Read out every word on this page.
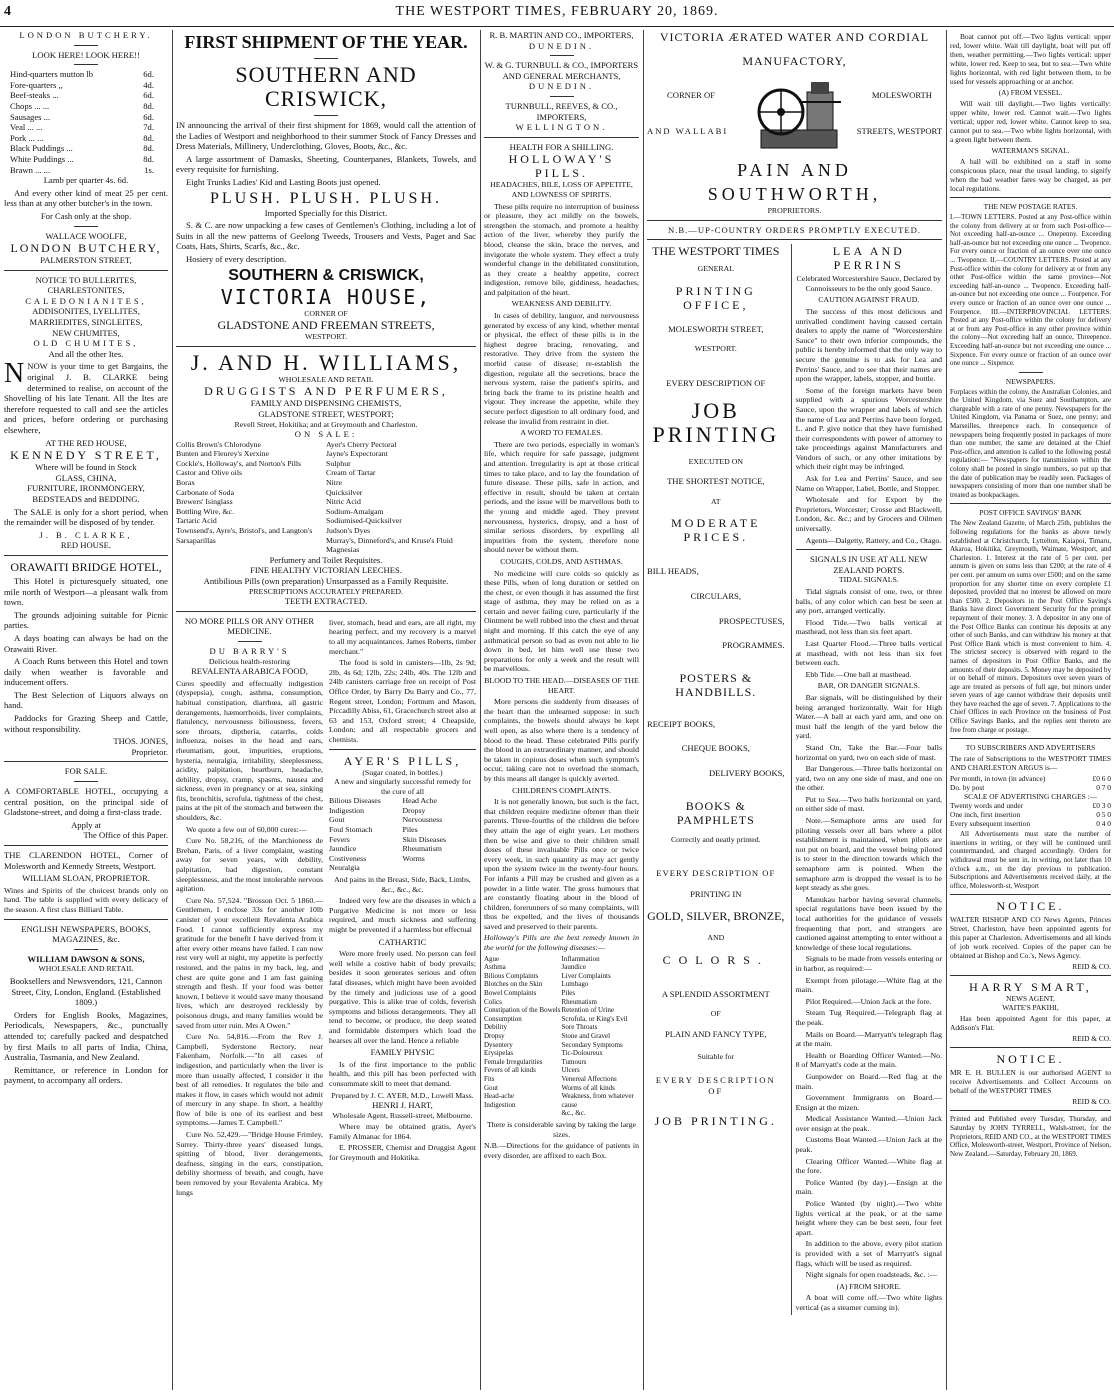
4	THE WESTPORT TIMES, FEBRUARY 20, 1869.
LONDON BUTCHERY.
LOOK HERE! LOOK HERE!!
Hind-quarters mutton lb	6d.
Fore-quarters ,,	4d.
Beef-steaks ...	6d.
Chops ... ...	8d.
Sausages ...	6d.
Veal ... ...	7d.
Pork ... ...	8d.
Black Puddings ...	8d.
White Puddings ...	8d.
Brawn ... ...	1s.
Lamb per quarter 4s. 6d.

And every other kind of meat 25 per cent. less than at any other butcher's in the town.

For Cash only at the shop.

WALLACE WOOLFE,
LONDON BUTCHERY,
PALMERSTON STREET,
NOTICE TO BULLERITES,
CHARLESTONITES,
CALEDONIANITES,
ADDISONITES, LYELLITES,
MARRIEDITES, SINGLEITES,
NEW CHUMITES,
OLD CHUMITES,
And all the other Ites.

NNOW is your time to get Bargains, the original J. B. CLARKE being determined to realise, on account of the Shovelling of his late Tenant. All the Ites are therefore requested to call and see the articles and prices, before ordering or purchasing elsewhere,

AT THE RED HOUSE,
KENNEDY STREET,
Where will be found in Stock
GLASS, CHINA,
FURNITURE, IRONMONGERY,
BEDSTEADS and BEDDING.

The SALE is only for a short period, when the remainder will be disposed of by tender.

J. B. CLARKE,
RED HOUSE.
ORAWAITI BRIDGE HOTEL,

This Hotel is picturesquely situated, one mile north of Westport—a pleasant walk from town.

The grounds adjoining suitable for Picnic parties.

A days boating can always be had on the Orawaiti River.

A Coach Runs between this Hotel and town daily when weather is favorable and inducement offers.

The Best Selection of Liquors always on hand.

Paddocks for Grazing Sheep and Cattle, without responsibility.

THOS. JONES,
Proprietor.
FOR SALE.

A COMFORTABLE HOTEL, occupying a central position, on the principal side of Gladstone-street, and doing a first-class trade.

Apply at
The Office of this Paper.

THE CLARENDON HOTEL, Corner of Molesworth and Kennedy Streets, Westport.

WILLIAM SLOAN, PROPRIETOR.

Wines and Spirits of the choicest brands only on hand. The table is supplied with every delicacy of the season. A first class Billiard Table.

ENGLISH NEWSPAPERS, BOOKS, MAGAZINES, &c.
WILLIAM DAWSON & SONS,
WHOLESALE AND RETAIL

Booksellers and Newsvendors, 121, Cannon Street, City, London, England. (Established 1809.)

Orders for English Books, Magazines, Periodicals, Newspapers, &c., punctually attended to; carefully packed and despatched by first Mails to all parts of India, China, Australia, Tasmania, and New Zealand.

Remittance, or reference in London for payment, to accompany all orders.

FIRST SHIPMENT OF THE YEAR.
SOUTHERN AND CRISWICK,

IN announcing the arrival of their first shipment for 1869, would call the attention of the Ladies of Westport and neighborhood to their summer Stock of Fancy Dresses and Dress Materials, Millinery, Underclothing, Gloves, Boots, &c., &c.

A large assortment of Damasks, Sheeting, Counterpanes, Blankets, Towels, and every requisite for furnishing.

Eight Trunks Ladies' Kid and Lasting Boots just opened.

PLUSH. PLUSH. PLUSH.
Imported Specially for this District.

S. & C. are now unpacking a few cases of Gentlemen's Clothing, including a lot of Suits in all the new patterns of Geelong Tweeds, Trousers and Vests, Paget and Sac Coats, Hats, Shirts, Scarfs, &c., &c.

Hosiery of every description.

SOUTHERN & CRISWICK,
VICTORIA HOUSE,
CORNER OF
GLADSTONE AND FREEMAN STREETS,
WESTPORT.
J. AND H. WILLIAMS,
WHOLESALE AND RETAIL
DRUGGISTS AND PERFUMERS,
FAMILY AND DISPENSING CHEMISTS,
GLADSTONE STREET, WESTPORT;
Revell Street, Hokitika; and at Greymouth and Charleston.
ON SALE:
Collis Brown's Chlorodyne
Bunten and Fleurey's Xerxine
Cockle's, Holloway's, and Norton's Pills
Castor and Olive oils
Borax
Carbonate of Soda
Brewers' Isinglass
Bottling Wire, &c.
Tartaric Acid
Townsend's, Ayre's, Bristol's, and Langton's Sarsaparillas
Ayer's Cherry Pectoral
Jayne's Expectorant
Sulphur
Cream of Tartar
Nitre
Quicksilver
Nitric Acid
Sodium-Amalgam
Sodiumised-Quicksilver
Judson's Dyes
Murray's, Dinneford's, and Kruse's Fluid Magnesias
Perfumery and Toilet Requisites.
FINE HEALTHY VICTORIAN LEECHES.
Antibilious Pills (own preparation) Unsurpassed as a Family Requisite.
PRESCRIPTIONS ACCURATELY PREPARED.
TEETH EXTRACTED.
NO MORE PILLS OR ANY OTHER MEDICINE.
DU BARRY'S
Delicious health-restoring
REVALENTA ARABICA FOOD,

Cures speedily and effectually indigestion (dyspepsia), cough, asthma, consumption, habitual constipation, diarrhœa, all gastric derangements, hæmorrhoids, liver complaints, flatulency, nervousness biliousness, fevers, sore throats, diptheria, catarrhs, colds influenza, noises in the head and ears, rheumatism, gout, impurities, eruptions, hysteria, neuralgia, irritability, sleeplessness, acidity, palpitation, heartburn, headache, debility, dropsy, cramp, spasms, nausea and sickness, even in pregnancy or at sea, sinking fits, bronchitis, scrofula, tightness of the chest, pains at the pit of the stomach and between the shoulders, &c.

We quote a few out of 60,000 cures:—

Cure No. 58,216, of the Marchioness de Brehan, Paris, of a liver complaint, wasting away for seven years, with debility, palpitation, bad digestion, constant sleeplessness, and the most intolerable nervous agitation.

Cure No. 57,524. "Brosson Oct. 5 1860.—Gentlemen, I enclose 33s for another 10lb canister of your excellent Revalenta Arabica Food. I cannot sufficiently express my gratitude for the benefit I have derived from it after every other means have failed. I can now rest very well at night, my appetite is perfectly restored, and the pains in my back, leg, and chest are quite gone and I am fast gaining strength and flesh. If your food was better known, I believe it would save many thousand lives, which are destroyed recklessly by poisonous drugs, and many families would be saved from utter ruin. Mrs A Owen."

Cure No. 54,816.—From the Rev J. Campbell, Syderstone Rectory, near Fakenham, Norfolk.—"In all cases of indigestion, and particularly when the liver is more than usually affected, I consider it the best of all remedies. It regulates the bile and makes it flow, in cases which would not admit of mercury in any shape. In short, a healthy flow of bile is one of its earliest and best symptoms.—James T. Campbell."

Cure No. 52,429.—"Bridge House Frimley, Surrey. Thirty-three years' diseased lungs, spitting of blood, liver derangements, deafness, singing in the ears, constipation, debility shortness of breath, and cough, have been removed by your Revalenta Arabica. My lungs

liver, stomach, head and ears, are all right, my hearing perfect, and my recovery is a marvel to all my acquaintances. James Roberts, timber merchant."

The food is sold in canisters—1lb, 2s 9d; 2lb, 4s 6d; 12lb, 22s; 24lb, 40s. The 12lb and 24lb canisters carriage free on receipt of Post Office Order, by Barry Du Barry and Co., 77, Regent street, London; Fortnum and Mason, Piccadilly Abiss, 61, Gracechurch street also at 63 and 153, Oxford street; 4 Cheapside, London; and all respectable grocers and chemists.

AYER'S PILLS,
(Sugar coated, in bottles.)
A new and singularly successful remedy for the cure of all
Bilious Diseases
Indigestion
Gout
Foul Stomach
Fevers
Jaundice
Costiveness
Neuralgia
Head Ache
Dropsy
Nervousness
Piles
Skin Diseases
Rheumatism
Worms

And pains in the Breast, Side, Back, Limbs, &c., &c., &c.

Indeed very few are the diseases in which a Purgative Medicine is not more or less required, and much sickness and suffering might be prevented if a harmless but effectual

CATHARTIC

Were more freely used. No person can feel well while a costive habit of body prevails; besides it soon generates serious and often fatal diseases, which might have been avoided by the timely and judicious use of a good purgative. This is alike true of colds, feverish symptoms and bilious derangements. They all tend to become, or produce, the deep seated and formidable distempers which load the hearses all over the land. Hence a reliable

FAMILY PHYSIC

Is of the first importance to the public health, and this pill has been perfected with consummate skill to meet that demand.

Prepared by J. C. AYER, M.D., Lowell Mass.
HENRI J. HART,
Wholesale Agent, Russell-street, Melbourne.

Where may be obtained gratis, Ayer's Family Almanac for 1864.

E. PROSSER, Chemist and Druggist Agent for Greymouth and Hokitika.

R. B. MARTIN AND CO., IMPORTERS,
DUNEDIN.
W. & G. TURNBULL & CO., IMPORTERS AND GENERAL MERCHANTS,
DUNEDIN.
TURNBULL, REEVES, & CO., IMPORTERS,
WELLINGTON.
HEALTH FOR A SHILLING.
HOLLOWAY'S PILLS.
HEADACHES, BILE, LOSS OF APPETITE, AND LOWNESS OF SPIRITS.

These pills require no interruption of business or pleasure, they act mildly on the bowels, strengthen the stomach, and promote a healthy action of the liver, whereby they purify the blood, cleanse the skin, brace the nerves, and invigorate the whole system. They effect a truly wonderful change in the debilitated constitution, as they create a healthy appetite, correct indigestion, remove bile, giddiness, headaches, and palpitation of the heart.

WEAKNESS AND DEBILITY.

In cases of debility, languor, and nervousness generated by excess of any kind, whether mental or physical, the effect of these pills is in the highest degree bracing, renovating, and restorative. They drive from the system the morbid cause of disease; re-establish the digestion, regulate all the secretions, brace the nervous system, raise the patient's spirits, and bring back the frame to its pristine health and vigour. They increase the appetite, while they secure perfect digestion to all ordinary food, and release the invalid from restraint in diet.

A WORD TO FEMALES.

There are two periods, especially in woman's life, which require for safe passage, judgment and attention. Irregularity is apt at those critical times to take place, and to lay the foundation of future disease. These pills, safe in action, and effective in result, should be taken at certain periods, and the issue will be marvellous both to the young and middle aged. They prevent nervousness, hysterics, dropsy, and a host of similar serious disorders, by expelling all impurities from the system, therefore none should never be without them.

COUGHS, COLDS, AND ASTHMAS.

No medicine will cure colds so quickly as these Pills, when of long duration or settled on the chest, or even though it has assumed the first stage of asthma, they may be relied on as a certain and never failing cure, particularly if the Ointment be well rubbed into the chest and throat night and morning. If this catch the eye of any asthmatical person so bad as even not able to lie down in bed, let him well use these two preparations for only a week and the result will be marvellous.

BLOOD TO THE HEAD.—DISEASES OF THE HEART.

More persons die suddenly from diseases of the heart than the unlearned suppose: in such complaints, the bowels should always be kept well open, as also where there is a tendency of blood to the head. These celebrated Pills purify the blood in an extraordinary manner, and should be taken in copious doses when such symptom's occur, taking care not to overload the stomach, by this means all danger is quickly averted.

CHILDREN'S COMPLAINTS.

It is not generally known, but such is the fact, that children require medicine oftener than their parents. Three-fourths of the children die before they attain the age of eight years. Let mothers then be wise and give to their children small doses of these invaluable Pills once or twice every week, in such quantity as may act gently upon the system twice in the twenty-four hours. For infants a Pill may be crushed and given as a powder in a little water. The gross humours that are constantly floating about in the blood of children, forerunners of so many complaints, will thus be expelled, and the lives of thousands saved and preserved to their parents.

Holloway's Pills are the best remedy known in the world for the following diseases:—

Ague
Asthma
Bilious Complaints
Blotches on the Skin
Bowel Complaints
Colics
Constipation of the Bowels
Consumption
Debility
Dropsy
Dysentery
Erysipelas
Female Irregularities
Fevers of all kinds
Fits
Gout
Head-ache
Indigestion
Inflammation
Jaundice
Liver Complaints
Lumbago
Piles
Rheumatism
Retention of Urine
Scrofula, or King's Evil
Sore Throats
Stone and Gravel
Secondary Symptoms
Tic-Doloureux
Tumours
Ulcers
Venereal Affections
Worms of all kinds
Weakness, from whatever cause
&c., &c.

There is considerable saving by taking the large sizes.

N.B.—Directions for the guidance of patients in every disorder, are affixed to each Box.

VICTORIA ÆRATED WATER AND CORDIAL
MANUFACTORY,
CORNER OF	MOLESWORTH
AND WALLABI	STREETS, WESTPORT
PAIN AND SOUTHWORTH,
PROPRIETORS.
N.B.—UP-COUNTRY ORDERS PROMPTLY EXECUTED.
THE WESTPORT TIMES
GENERAL
PRINTING OFFICE,
MOLESWORTH STREET,
WESTPORT.
EVERY DESCRIPTION OF
JOB PRINTING
EXECUTED ON
THE SHORTEST NOTICE,
AT
MODERATE PRICES.
BILL HEADS,
CIRCULARS,
PROSPECTUSES,
PROGRAMMES.
POSTERS & HANDBILLS.
RECEIPT BOOKS,
CHEQUE BOOKS,
DELIVERY BOOKS,
BOOKS & PAMPHLETS
Correctly and neatly printed.
EVERY DESCRIPTION OF
PRINTING IN
GOLD, SILVER, BRONZE,
AND
COLORS.
A SPLENDID ASSORTMENT
OF
PLAIN AND FANCY TYPE,
Suitable for
EVERY DESCRIPTION OF
JOB PRINTING.
LEA AND PERRINS

Celebrated Worcestershire Sauce, Declared by Connoisseurs to be the only good Sauce.

CAUTION AGAINST FRAUD.

The success of this most delicious and unrivalled condiment having caused certain dealers to apply the name of "Worcestershire Sauce" to their own inferior compounds, the public is hereby informed that the only way to secure the genuine is to ask for Lea and Perrins' Sauce, and to see that their names are upon the wrapper, labels, stopper, and bottle.

Some of the foreign markets have been supplied with a spurious Worcestershire Sauce, upon the wrapper and labels of which the name of Lea and Perrins have been forged, L. and P. give notice that they have furnished their correspondents with power of attorney to take proceedings against Manufacturers and Vendors of such, or any other imitations by which their right may be infringed.

Ask for Lea and Perrins' Sauce, and see Name on Wrapper, Label, Bottle, and Stopper.

Wholesale and for Export by the Proprietors, Worcester; Crosse and Blackwell, London, &c. &c.; and by Grocers and Oilmen universally.

Agents—Dalgetty, Rattery, and Co., Otago.

SIGNALS IN USE AT ALL NEW ZEALAND PORTS.
TIDAL SIGNALS.

Tidal signals consist of one, two, or three balls, of any color which can best be seen at any port, arranged vertically.

Flood Tide.—Two balls vertical at masthead, not less than six feet apart.

Last Quarter Flood.—Three balls vertical at masthead, with not less than six feet between each.

Ebb Tide.—One ball at masthead.

BAR, OR DANGER SIGNALS.

Bar signals, will be distinguished by their being arranged horizontally. Wait for High Water.—A ball at each yard arm, and one on must half the length of the yard below the yard.

Stand On, Take the Bar.—Four balls horizontal on yard, two on each side of mast.

Bar Dangerous.—Three balls horizontal on yard, two on any one side of mast, and one on the other.

Put to Sea.—Two balls horizontal on yard, on either side of mast.

Note.—Semaphore arms are used for piloting vessels over all bars where a pilot establishment is maintained, when pilots are not put on board, and the vessel being piloted is to steer in the direction towards which the semaphore arm is pointed. When the semaphore arm is dropped the vessel is to be kept steady as she goes.

Manukau harbor having several channels, special regulations have been issued by the local authorities for the guidance of vessels frequenting that port, and strangers are cautioned against attempting to enter without a knowledge of these local regulations.

Signals to be made from vessels entering or in harbor, as required:—

Exempt from pilotage.—White flag at the main.

Pilot Required.—Union Jack at the fore.

Steam Tug Required.—Telegraph flag at the peak.

Mails on Board.—Marryatt's telegraph flag at the main.

Health or Boarding Officer Wanted.—No. 8 of Marryatt's code at the main.

Gunpowder on Board.—Red flag at the main.

Government Immigrants on Board.—Ensign at the mizen.

Medical Assistance Wanted.—Union Jack over ensign at the peak.

Customs Boat Wanted.—Union Jack at the peak.

Clearing Officer Wanted.—White flag at the fore.

Police Wanted (by day).—Ensign at the main.

Police Wanted (by night).—Two white lights vertical at the peak, or at the same height where they can be best seen, four feet apart.

In addition to the above, every pilot station is provided with a set of Marryatt's signal flags, which will be used as required.

Night signals for open roadsteads, &c. :—

(A) FROM SHORE.

A boat will come off.—Two white lights vertical (as a steamer cuming in).

Boat cannot put off.—Two lights vertical: upper red, lower white. Wait till daylight, boat will put off then, weather permitting.—Two lights vertical: upper white, lower red. Keep to sea, but to sea.—Two white lights horizontal, with red light between them, to be used for vessels approaching or at anchor.

(A) FROM VESSEL.

Will wait till daylight.—Two lights vertically: upper white, lower red. Cannot wait.—Two lights vertical; upper red, lower white. Cannot keep to sea, cannot put to sea.—Two white lights horizontal, with a green light between them.

WATERMAN'S SIGNAL.

A ball will be exhibited on a staff in some conspicuous place, near the usual landing, to signify when the bad weather fares way be charged, as per local regulations.

THE NEW POSTAGE RATES.

I.—TOWN LETTERS. Posted at any Post-office within the colony from delivery at or from such Post-office—Not exceeding half-an-ounce ... Onepenny. Exceeding half-an-ounce but not exceeding one ounce ... Twopence. For every ounce or fraction of an ounce over one ounce ... Twopence. II.—COUNTRY LETTERS. Posted at any Post-office within the colony for delivery at or from any other Post-office within the same province—Not exceeding half-an-ounce ... Twopence. Exceeding half-an-ounce but not exceeding one ounce ... Fourpence. For every ounce or fraction of an ounce over one ounce ... Fourpence. III.—INTERPROVINCIAL LETTERS. Posted at any Post-office within the colony for delivery at or from any Post-office in any other province within the colony—Not exceeding half an ounce, Threepence. Exceeding half-an-ounce but not exceeding one ounce ... Sixpence. For every ounce or fraction of an ounce over one ounce ... Sixpence.

NEWSPAPERS.

Forplaces within the colony, the Australian Colonies, and the United Kingdom, via Suez and Southampton, are chargeable with a rate of one penny. Newspapers for the United Kingdom, via Panama or Suez, one penny; and Marseilles, threepence each. In consequence of newspapers being frequently posted in packages of more than one number, the same are detained at the Chief Post-office, and attention is called to the following postal regulation:— "Newspapers for transmission within the colony shall be posted in single numbers, so put up that the date of publication may be readily seen. Packages of newspapers consisting of more than one number shall be treated as bookpackages.

POST OFFICE SAVINGS' BANK

The New Zealand Gazette, of March 25th, publishes the following regulations for the banks as above newly established at Christchurch, Lyttelton, Kaiapoi, Timaru, Akaroa, Hokitika, Greymouth, Waimate, Westport, and Charleston. 1. Interest at the rate of 5 per cent. per annum is given on sums less than £200; at the rate of 4 per cent. per annum on sums over £500; and on the same proportion for any shorter time on every complete £1 deposited, provided that no interest be allowed on more than £500. 2. Depositors in the Post Office Saving's Banks have direct Government Security for the prompt repayment of their money. 3. A depositor in any one of the Post Office Banks can continue his deposits at any other of such Banks, and can withdraw his money at that Post Office Bank which is most convenient to him. 4. The strictest secrecy is observed with regard to the names of depositors in Post Office Banks, and the amounts of their deposits. 5. Money may be deposited by or on behalf of minors. Depositors over seven years of age are treated as persons of full age, but minors under seven years of age cannot withdraw their deposits until they have reached the age of seven. 7. Applications to the Chief Offices in each Province on the business of Post Office Savings Banks, and the replies sent thereto are free from charge or postage.

TO SUBSCRIBERS AND ADVERTISERS

The rate of Subscriptions to the WESTPORT TIMES AND CHARLESTON ARGUS is—

Per month, in town (in advance)	£0 6 0
Do. by post	0 7 0
SCALE OF ADVERTISING CHARGES :—
Twenty words and under	£0 3 0
One inch, first insertion	0 5 0
Every subsequent insertion	0 4 0

All Advertisements must state the number of insertions in writing, or they will be continued until countermanded, and charged accordingly. Orders for withdrawal must be sent in, in writing, not later than 10 o'clock a.m., on the day previous to publication. Subscriptions and Advertisements received daily, at the office, Molesworth-st, Westport

NOTICE.

WALTER BISHOP AND CO News Agents, Princes Street, Charleston, have been appointed agents for this paper at Charleston. Advertisements and all kinds of job work received. Copies of the paper can be obtained at Bishop and Co.'s, News Agency.

REID & CO.
HARRY SMART,
NEWS AGENT,
WAITE'S PAKIHI,

Has been appointed Agent for this paper, at Addison's Flat.

REID & CO.
NOTICE.

MR E. H. BULLEN is our authorised AGENT to receive Advertisements and Collect Accounts on behalf of the WESTPORT TIMES

REID & CO.

Printed and Published every Tuesday, Thursday, and Saturday by JOHN TYRRELL, Walsh-street, for the Proprietors, REID AND CO., at the WESTPORT TIMES Office, Molesworth-street, Westport, Province of Nelson, New Zealand.—Saturday, February 20, 1869.
